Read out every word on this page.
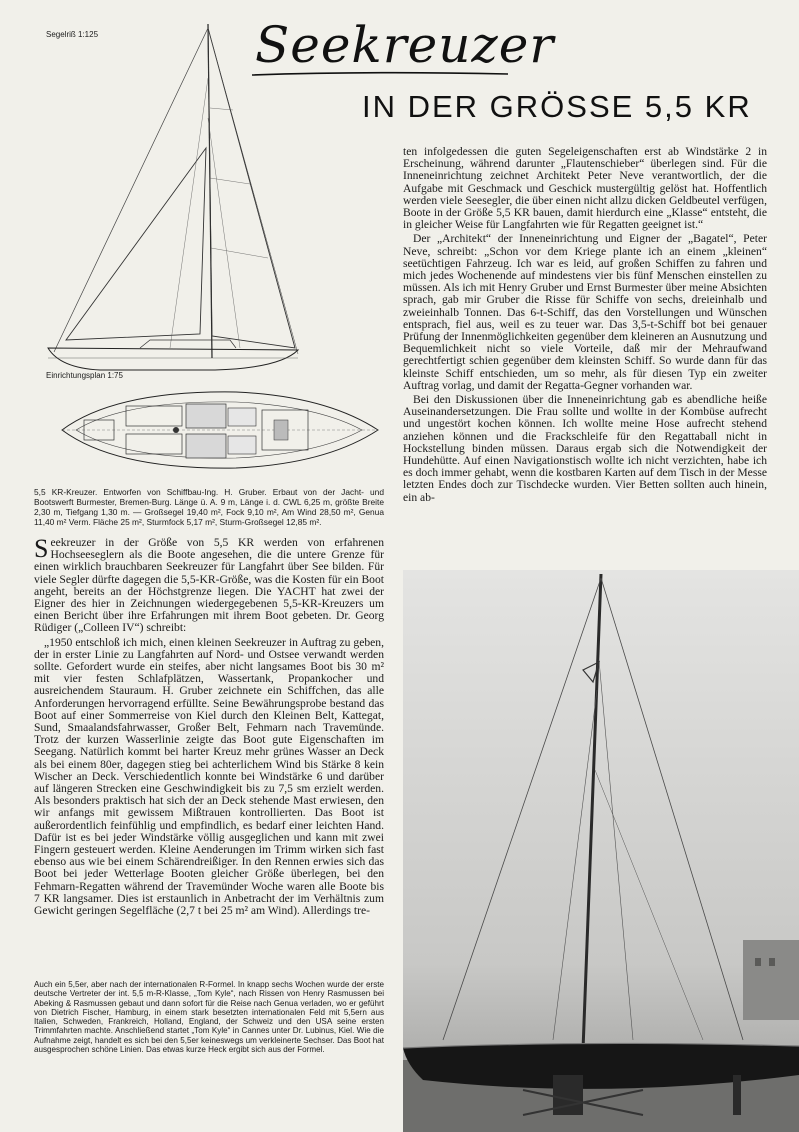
Segelriß 1:125	Seekreuzer
IN DER GRÖSSE 5,5 KR
Einrichtungsplan 1:75
5,5 KR-Kreuzer. Entworfen von Schiffbau-Ing. H. Gruber. Erbaut von der Jacht- und Bootswerft Burmester, Bremen-Burg. Länge ü. A. 9 m, Länge i. d. CWL 6,25 m, größte Breite 2,30 m, Tiefgang 1,30 m. — Großsegel 19,40 m², Fock 9,10 m², Am Wind 28,50 m², Genua 11,40 m² Verm. Fläche 25 m², Sturmfock 5,17 m², Sturm-Großsegel 12,85 m².

Seekreuzer in der Größe von 5,5 KR werden von erfahrenen Hochseeseglern als die Boote angesehen, die die untere Grenze für einen wirklich brauchbaren Seekreuzer für Langfahrt über See bilden. Für viele Segler dürfte dagegen die 5,5-KR-Größe, was die Kosten für ein Boot angeht, bereits an der Höchstgrenze liegen. Die YACHT hat zwei der Eigner des hier in Zeichnungen wiedergegebenen 5,5-KR-Kreuzers um einen Bericht über ihre Erfahrungen mit ihrem Boot gebeten. Dr. Georg Rüdiger („Colleen IV“) schreibt:

„1950 entschloß ich mich, einen kleinen Seekreuzer in Auftrag zu geben, der in erster Linie zu Langfahrten auf Nord- und Ostsee verwandt werden sollte. Gefordert wurde ein steifes, aber nicht langsames Boot bis 30 m² mit vier festen Schlafplätzen, Wassertank, Propankocher und ausreichendem Stauraum. H. Gruber zeichnete ein Schiffchen, das alle Anforderungen hervorragend erfüllte. Seine Bewährungsprobe bestand das Boot auf einer Sommerreise von Kiel durch den Kleinen Belt, Kattegat, Sund, Smaalandsfahrwasser, Großer Belt, Fehmarn nach Travemünde. Trotz der kurzen Wasserlinie zeigte das Boot gute Eigenschaften im Seegang. Natürlich kommt bei harter Kreuz mehr grünes Wasser an Deck als bei einem 80er, dagegen stieg bei achterlichem Wind bis Stärke 8 kein Wischer an Deck. Verschiedentlich konnte bei Windstärke 6 und darüber auf längeren Strecken eine Geschwindigkeit bis zu 7,5 sm erzielt werden. Als besonders praktisch hat sich der an Deck stehende Mast erwiesen, den wir anfangs mit gewissem Mißtrauen kontrollierten. Das Boot ist außerordentlich feinfühlig und empfindlich, es bedarf einer leichten Hand. Dafür ist es bei jeder Windstärke völlig ausgeglichen und kann mit zwei Fingern gesteuert werden. Kleine Aenderungen im Trimm wirken sich fast ebenso aus wie bei einem Schärendreißiger. In den Rennen erwies sich das Boot bei jeder Wetterlage Booten gleicher Größe überlegen, bei den Fehmarn-Regatten während der Travemünder Woche waren alle Boote bis 7 KR langsamer. Dies ist erstaunlich in Anbetracht der im Verhältnis zum Gewicht geringen Segelfläche (2,7 t bei 25 m² am Wind). Allerdings tre-

Auch ein 5,5er, aber nach der internationalen R-Formel. In knapp sechs Wochen wurde der erste deutsche Vertreter der int. 5,5 m-R-Klasse, „Tom Kyle“, nach Rissen von Henry Rasmussen bei Abeking & Rasmussen gebaut und dann sofort für die Reise nach Genua verladen, wo er geführt von Dietrich Fischer, Hamburg, in einem stark besetzten internationalen Feld mit 5,5ern aus Italien, Schweden, Frankreich, Holland, England, der Schweiz und den USA seine ersten Trimmfahrten machte. Anschließend startet „Tom Kyle“ in Cannes unter Dr. Lubinus, Kiel. Wie die Aufnahme zeigt, handelt es sich bei den 5,5er keineswegs um verkleinerte Sechser. Das Boot hat ausgesprochen schöne Linien. Das etwas kurze Heck ergibt sich aus der Formel.

ten infolgedessen die guten Segeleigenschaften erst ab Windstärke 2 in Erscheinung, während darunter „Flautenschieber“ überlegen sind. Für die Inneneinrichtung zeichnet Architekt Peter Neve verantwortlich, der die Aufgabe mit Geschmack und Geschick mustergültig gelöst hat. Hoffentlich werden viele Seesegler, die über einen nicht allzu dicken Geldbeutel verfügen, Boote in der Größe 5,5 KR bauen, damit hierdurch eine „Klasse“ entsteht, die in gleicher Weise für Langfahrten wie für Regatten geeignet ist.“

Der „Architekt“ der Inneneinrichtung und Eigner der „Bagatel“, Peter Neve, schreibt: „Schon vor dem Kriege plante ich an einem „kleinen“ seetüchtigen Fahrzeug. Ich war es leid, auf großen Schiffen zu fahren und mich jedes Wochenende auf mindestens vier bis fünf Menschen einstellen zu müssen. Als ich mit Henry Gruber und Ernst Burmester über meine Absichten sprach, gab mir Gruber die Risse für Schiffe von sechs, dreieinhalb und zweieinhalb Tonnen. Das 6-t-Schiff, das den Vorstellungen und Wünschen entsprach, fiel aus, weil es zu teuer war. Das 3,5-t-Schiff bot bei genauer Prüfung der Innenmöglichkeiten gegenüber dem kleineren an Ausnutzung und Bequemlichkeit nicht so viele Vorteile, daß mir der Mehraufwand gerechtfertigt schien gegenüber dem kleinsten Schiff. So wurde dann für das kleinste Schiff entschieden, um so mehr, als für diesen Typ ein zweiter Auftrag vorlag, und damit der Regatta-Gegner vorhanden war.

Bei den Diskussionen über die Inneneinrichtung gab es abendliche heiße Auseinandersetzungen. Die Frau sollte und wollte in der Kombüse aufrecht und ungestört kochen können. Ich wollte meine Hose aufrecht stehend anziehen können und die Frackschleife für den Regattaball nicht in Hockstellung binden müssen. Daraus ergab sich die Notwendigkeit der Hundehütte. Auf einen Navigationstisch wollte ich nicht verzichten, habe ich es doch immer gehabt, wenn die kostbaren Karten auf dem Tisch in der Messe letzten Endes doch zur Tischdecke wurden. Vier Betten sollten auch hinein, ein ab-
